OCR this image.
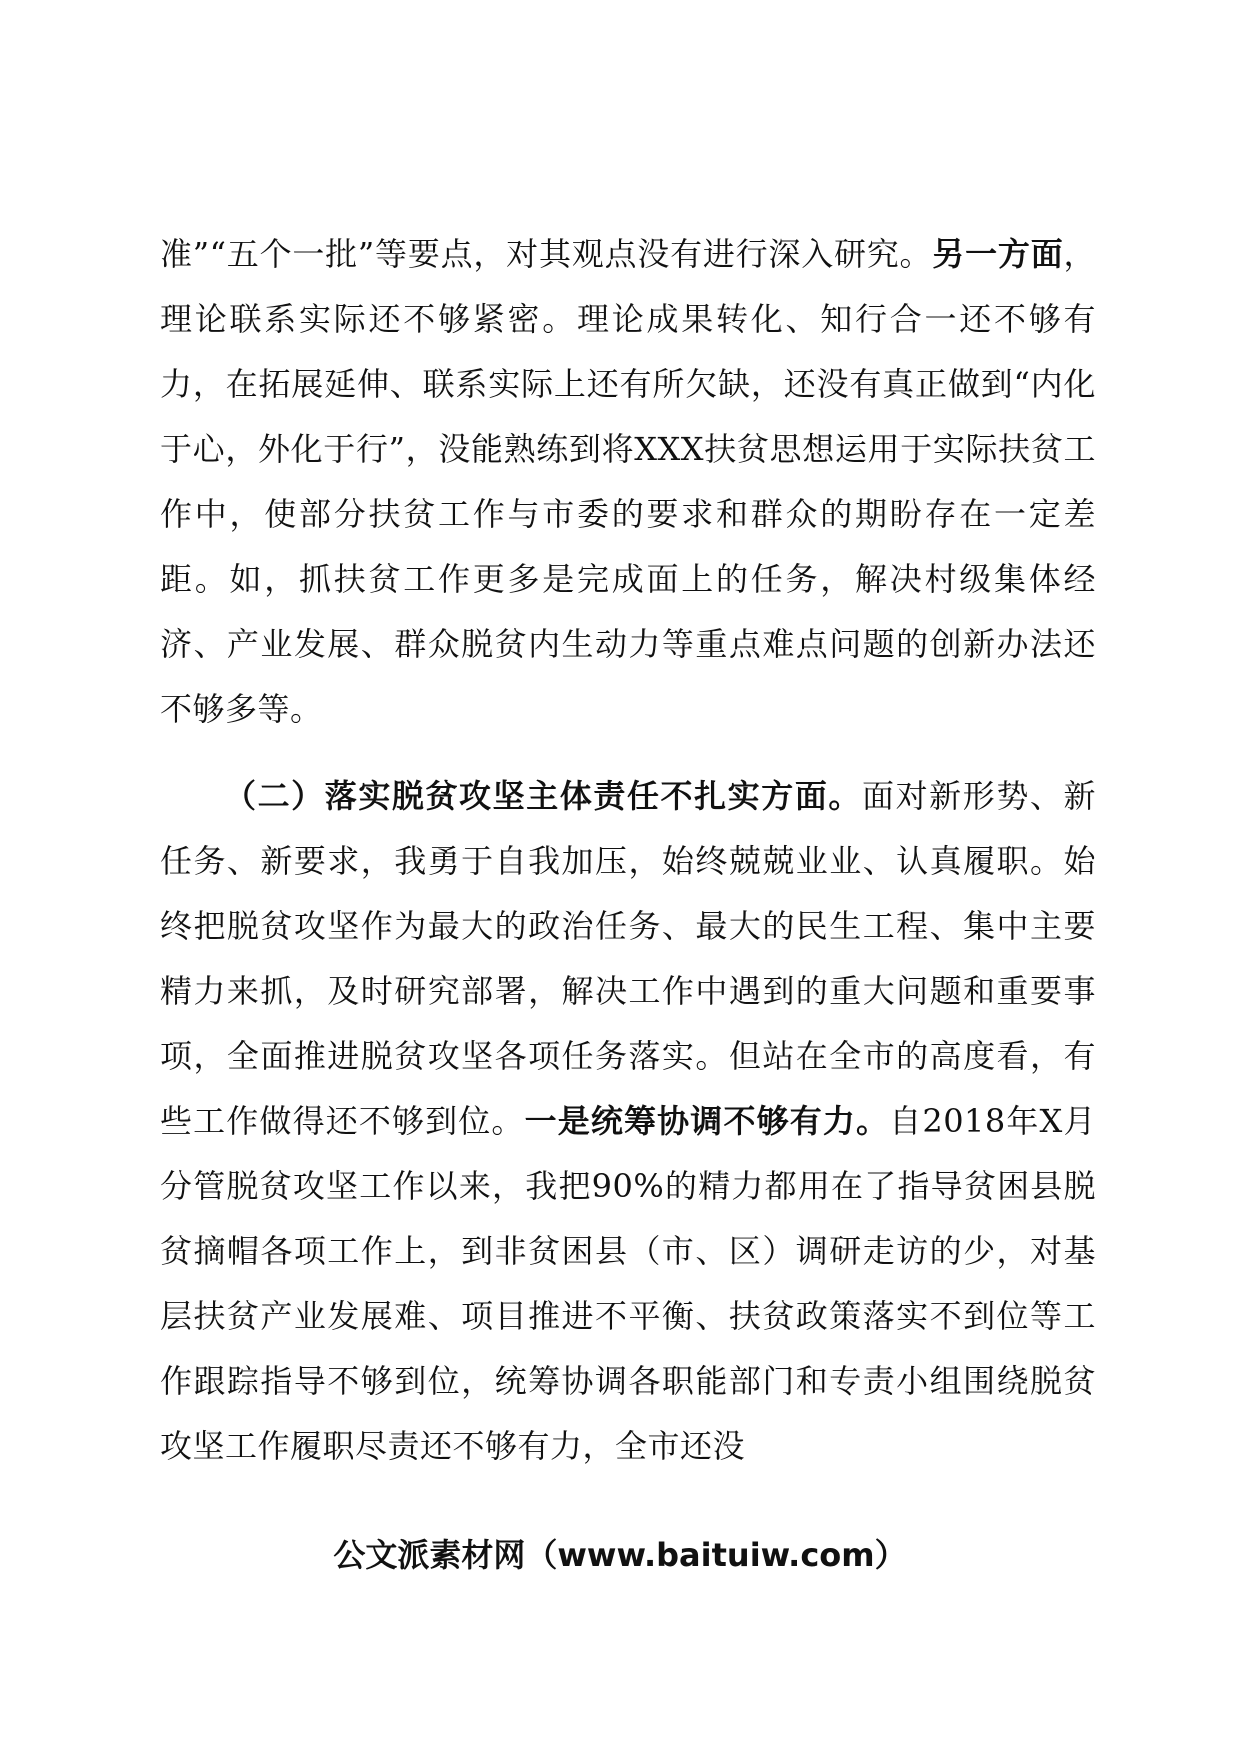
准”“五个一批”等要点，对其观点没有进行深入研究。另一方面，理论联系实际还不够紧密。理论成果转化、知行合一还不够有力，在拓展延伸、联系实际上还有所欠缺，还没有真正做到“内化于心，外化于行”，没能熟练到将XXX扶贫思想运用于实际扶贫工作中，使部分扶贫工作与市委的要求和群众的期盼存在一定差距。如，抓扶贫工作更多是完成面上的任务，解决村级集体经济、产业发展、群众脱贫内生动力等重点难点问题的创新办法还不够多等。

（二）落实脱贫攻坚主体责任不扎实方面。面对新形势、新任务、新要求，我勇于自我加压，始终兢兢业业、认真履职。始终把脱贫攻坚作为最大的政治任务、最大的民生工程、集中主要精力来抓，及时研究部署，解决工作中遇到的重大问题和重要事项，全面推进脱贫攻坚各项任务落实。但站在全市的高度看，有些工作做得还不够到位。一是统筹协调不够有力。自2018年X月分管脱贫攻坚工作以来，我把90%的精力都用在了指导贫困县脱贫摘帽各项工作上，到非贫困县（市、区）调研走访的少，对基层扶贫产业发展难、项目推进不平衡、扶贫政策落实不到位等工作跟踪指导不够到位，统筹协调各职能部门和专责小组围绕脱贫攻坚工作履职尽责还不够有力，全市还没

公文派素材网（www.baituiw.com）
